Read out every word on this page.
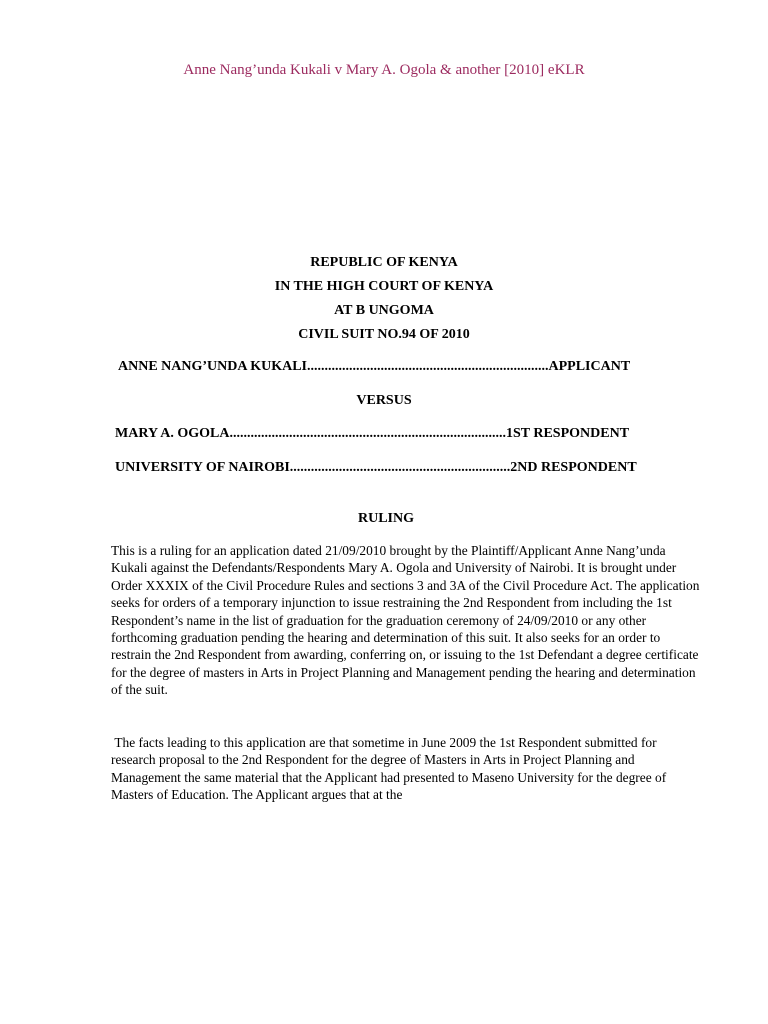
Anne Nang’unda Kukali v Mary A. Ogola & another [2010] eKLR
REPUBLIC OF KENYA
IN THE HIGH COURT OF KENYA
AT B UNGOMA
CIVIL SUIT NO.94 OF 2010
ANNE NANG’UNDA KUKALI.....................................................................APPLICANT
VERSUS
MARY A. OGOLA...............................................................................1ST RESPONDENT
UNIVERSITY OF NAIROBI...............................................................2ND RESPONDENT
RULING

This is a ruling for an application dated 21/09/2010 brought by the Plaintiff/Applicant Anne Nang’unda Kukali against the Defendants/Respondents Mary A. Ogola and University of Nairobi. It is brought under Order XXXIX of the Civil Procedure Rules and sections 3 and 3A of the Civil Procedure Act. The application seeks for orders of a temporary injunction to issue restraining the 2nd Respondent from including the 1st Respondent’s name in the list of graduation for the graduation ceremony of 24/09/2010 or any other forthcoming graduation pending the hearing and determination of this suit. It also seeks for an order to restrain the 2nd Respondent from awarding, conferring on, or issuing to the 1st Defendant a degree certificate for the degree of masters in Arts in Project Planning and Management pending the hearing and determination of the suit.

The facts leading to this application are that sometime in June 2009 the 1st Respondent submitted for research proposal to the 2nd Respondent for the degree of Masters in Arts in Project Planning and Management the same material that the Applicant had presented to Maseno University for the degree of Masters of Education. The Applicant argues that at the
